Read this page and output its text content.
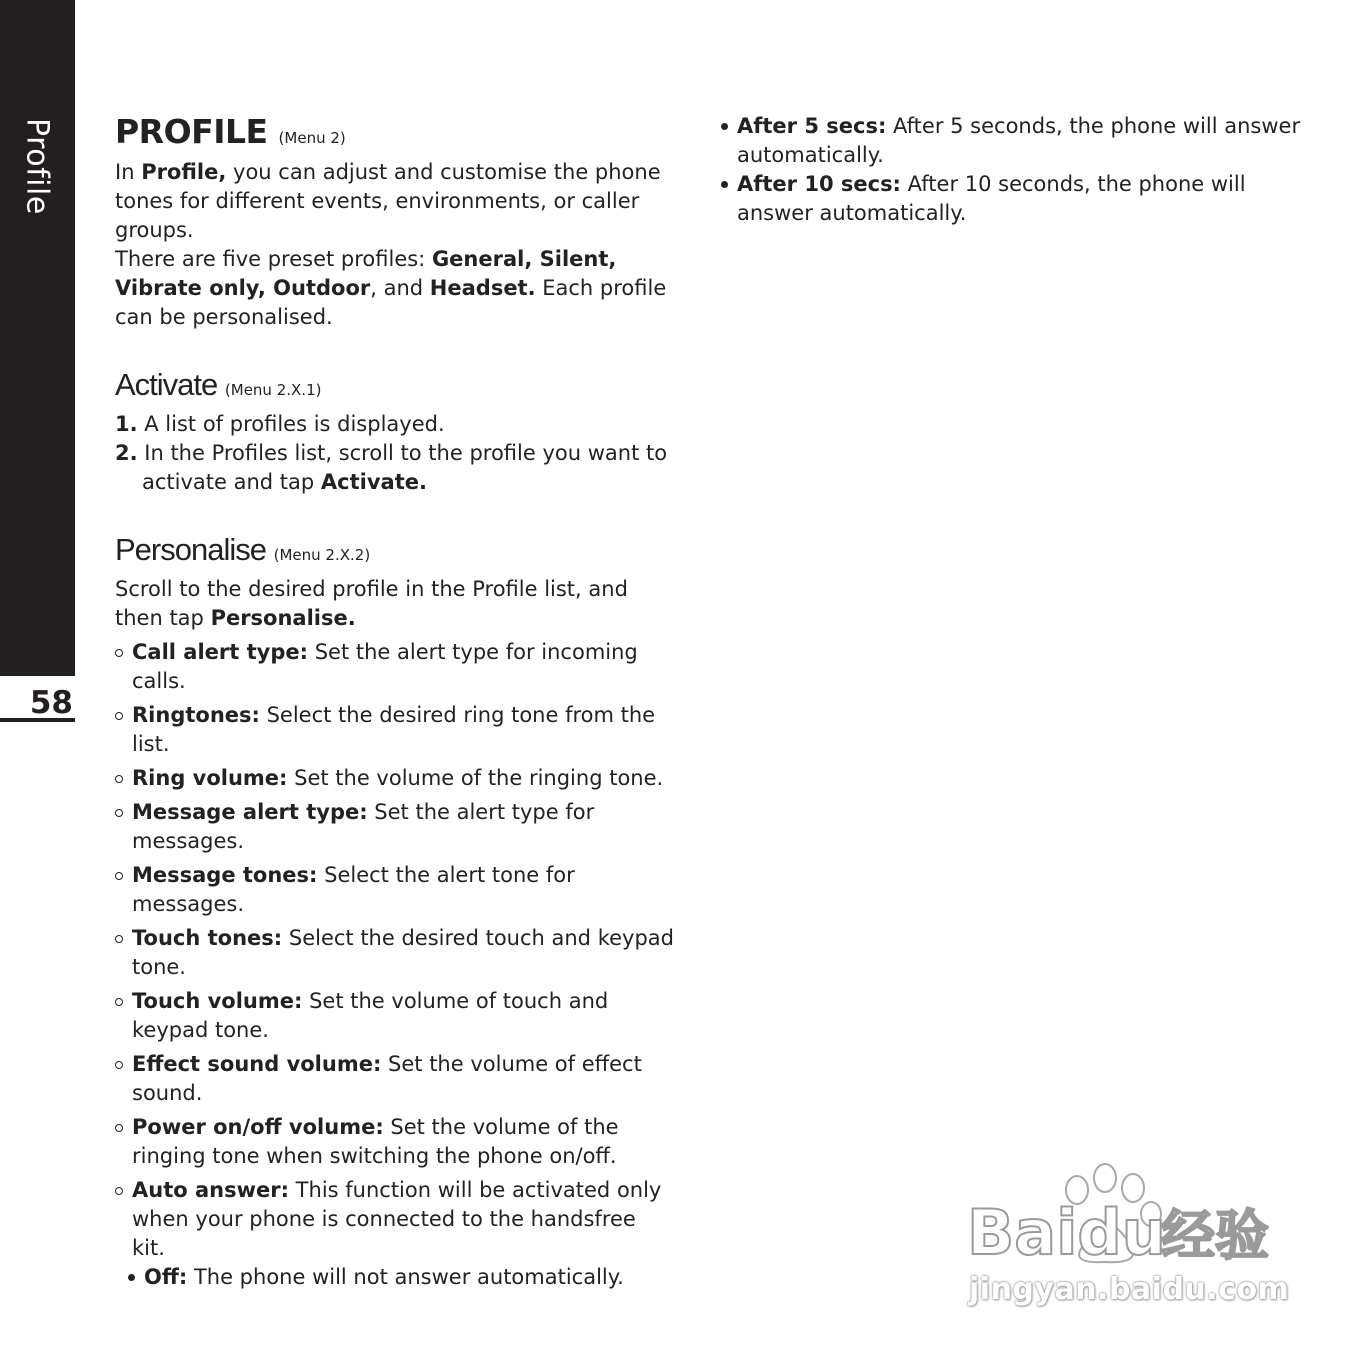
Profile
58
PROFILE (Menu 2)

In Profile, you can adjust and customise the phone tones for different events, environments, or caller groups.

There are five preset profiles: General, Silent, Vibrate only, Outdoor, and Headset. Each profile can be personalised.

Activate (Menu 2.X.1)
1. A list of profiles is displayed.
2. In the Profiles list, scroll to the profile you want to activate and tap Activate.
Personalise (Menu 2.X.2)

Scroll to the desired profile in the Profile list, and then tap Personalise.

Call alert type: Set the alert type for incoming calls.
Ringtones: Select the desired ring tone from the list.
Ring volume: Set the volume of the ringing tone.
Message alert type: Set the alert type for messages.
Message tones: Select the alert tone for messages.
Touch tones: Select the desired touch and keypad tone.
Touch volume: Set the volume of touch and keypad tone.
Effect sound volume: Set the volume of effect sound.
Power on/off volume: Set the volume of the ringing tone when switching the phone on/off.
Auto answer: This function will be activated only when your phone is connected to the handsfree kit.
Off: The phone will not answer automatically.
After 5 secs: After 5 seconds, the phone will answer automatically.
After 10 secs: After 10 seconds, the phone will answer automatically.
Baidu
经验
jingyan.baidu.com
